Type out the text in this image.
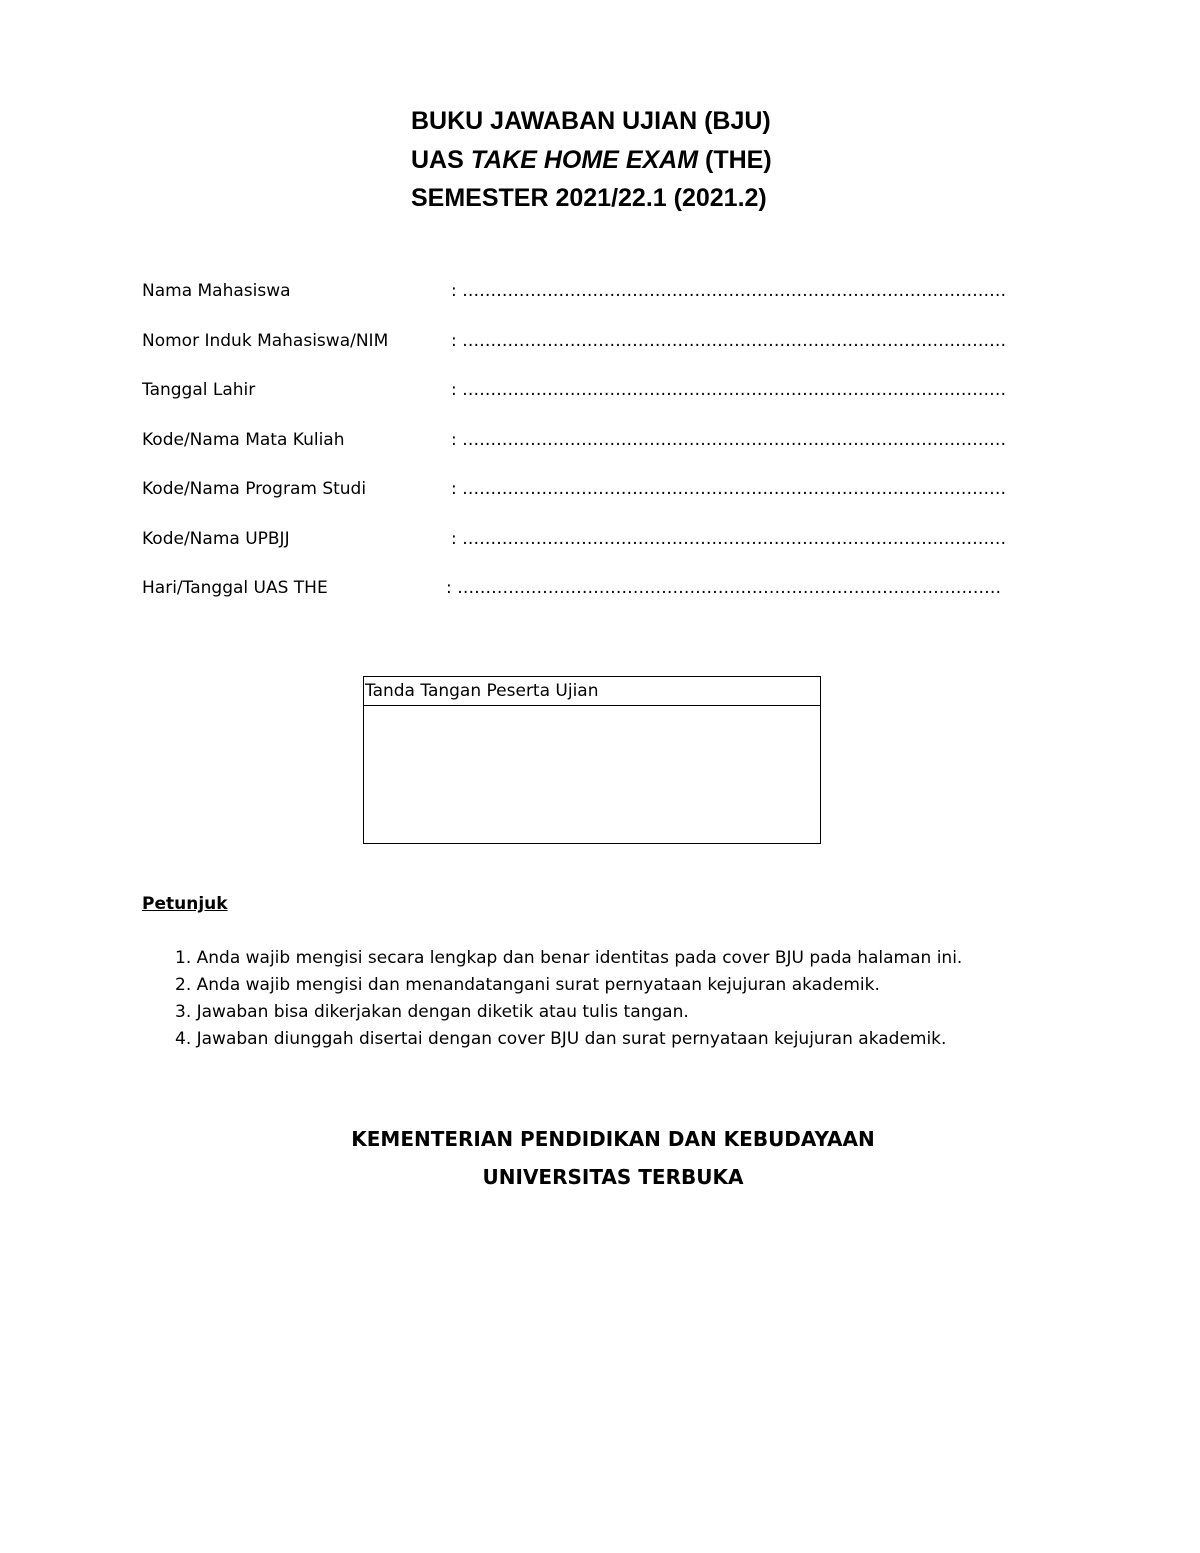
BUKU JAWABAN UJIAN (BJU)
UAS TAKE HOME EXAM (THE)
SEMESTER 2021/22.1 (2021.2)
Nama Mahasiswa	: ……………………………………………………………………………………
Nomor Induk Mahasiswa/NIM	: ……………………………………………………………………………………
Tanggal Lahir	: ……………………………………………………………………………………
Kode/Nama Mata Kuliah	: ……………………………………………………………………………………
Kode/Nama Program Studi	: ……………………………………………………………………………………
Kode/Nama UPBJJ	: ……………………………………………………………………………………
Hari/Tanggal UAS THE	: ……………………………………………………………………………………
Tanda Tangan Peserta Ujian
Petunjuk
1. Anda wajib mengisi secara lengkap dan benar identitas pada cover BJU pada halaman ini.
2. Anda wajib mengisi dan menandatangani surat pernyataan kejujuran akademik.
3. Jawaban bisa dikerjakan dengan diketik atau tulis tangan.
4. Jawaban diunggah disertai dengan cover BJU dan surat pernyataan kejujuran akademik.
KEMENTERIAN PENDIDIKAN DAN KEBUDAYAAN
UNIVERSITAS TERBUKA
